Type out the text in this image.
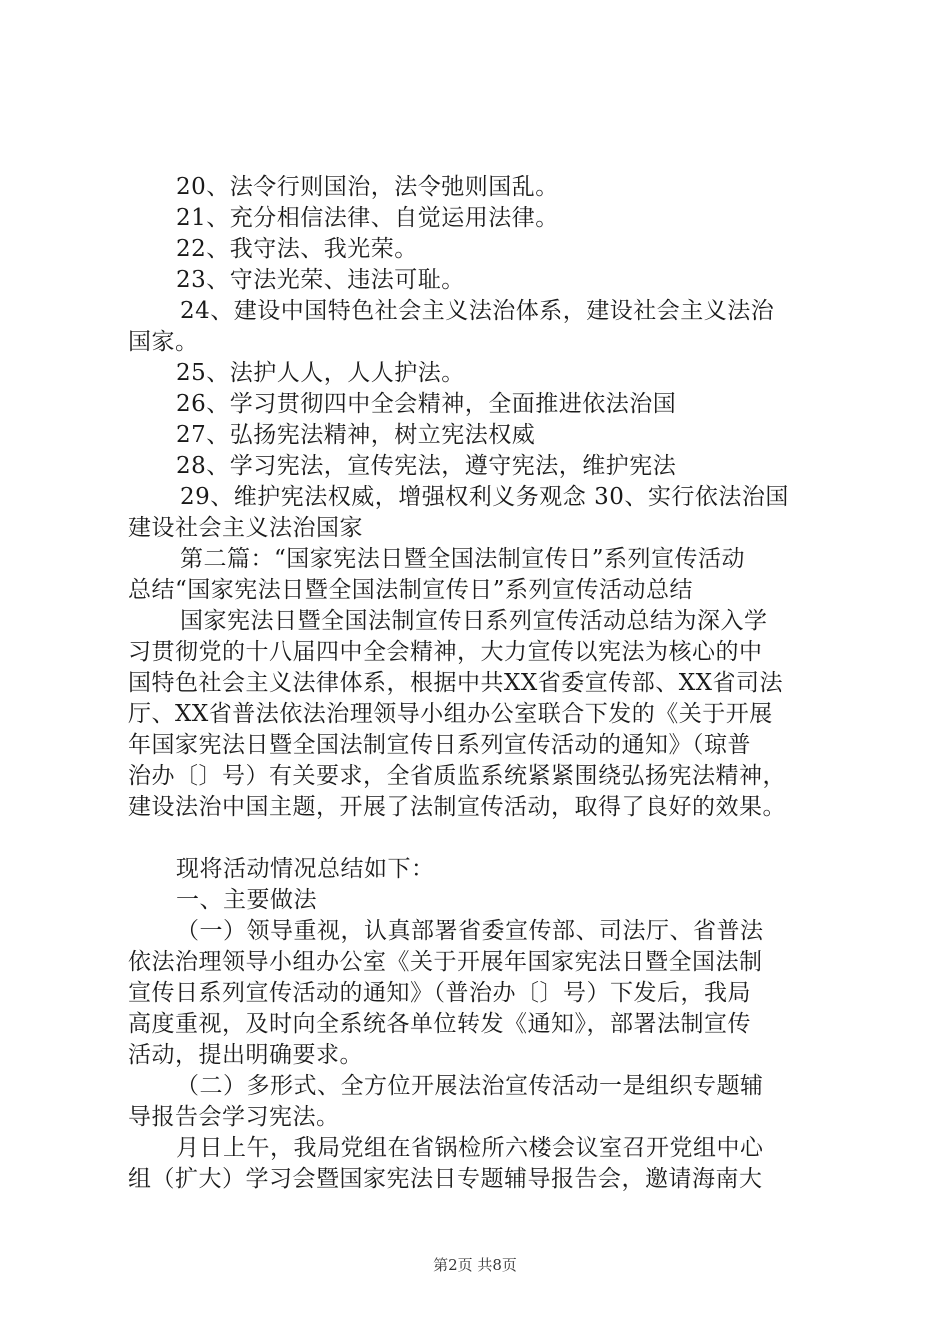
20、法令行则国治，法令弛则国乱。
21、充分相信法律、自觉运用法律。
22、我守法、我光荣。
23、守法光荣、违法可耻。
24、建设中国特色社会主义法治体系，建设社会主义法治
国家。
25、法护人人，人人护法。
26、学习贯彻四中全会精神，全面推进依法治国
27、弘扬宪法精神，树立宪法权威
28、学习宪法，宣传宪法，遵守宪法，维护宪法
29、维护宪法权威，增强权利义务观念 30、实行依法治国
建设社会主义法治国家
第二篇：“国家宪法日暨全国法制宣传日”系列宣传活动
总结“国家宪法日暨全国法制宣传日”系列宣传活动总结
国家宪法日暨全国法制宣传日系列宣传活动总结为深入学
习贯彻党的十八届四中全会精神，大力宣传以宪法为核心的中
国特色社会主义法律体系，根据中共XX省委宣传部、XX省司法
厅、XX省普法依法治理领导小组办公室联合下发的《关于开展
年国家宪法日暨全国法制宣传日系列宣传活动的通知》（琼普
治办〔〕号）有关要求，全省质监系统紧紧围绕弘扬宪法精神，
建设法治中国主题，开展了法制宣传活动，取得了良好的效果。
现将活动情况总结如下：
一、主要做法
（一）领导重视，认真部署省委宣传部、司法厅、省普法
依法治理领导小组办公室《关于开展年国家宪法日暨全国法制
宣传日系列宣传活动的通知》（普治办〔〕号）下发后，我局
高度重视，及时向全系统各单位转发《通知》，部署法制宣传
活动，提出明确要求。
（二）多形式、全方位开展法治宣传活动一是组织专题辅
导报告会学习宪法。
月日上午，我局党组在省锅检所六楼会议室召开党组中心
组（扩大）学习会暨国家宪法日专题辅导报告会，邀请海南大
第2页 共8页
